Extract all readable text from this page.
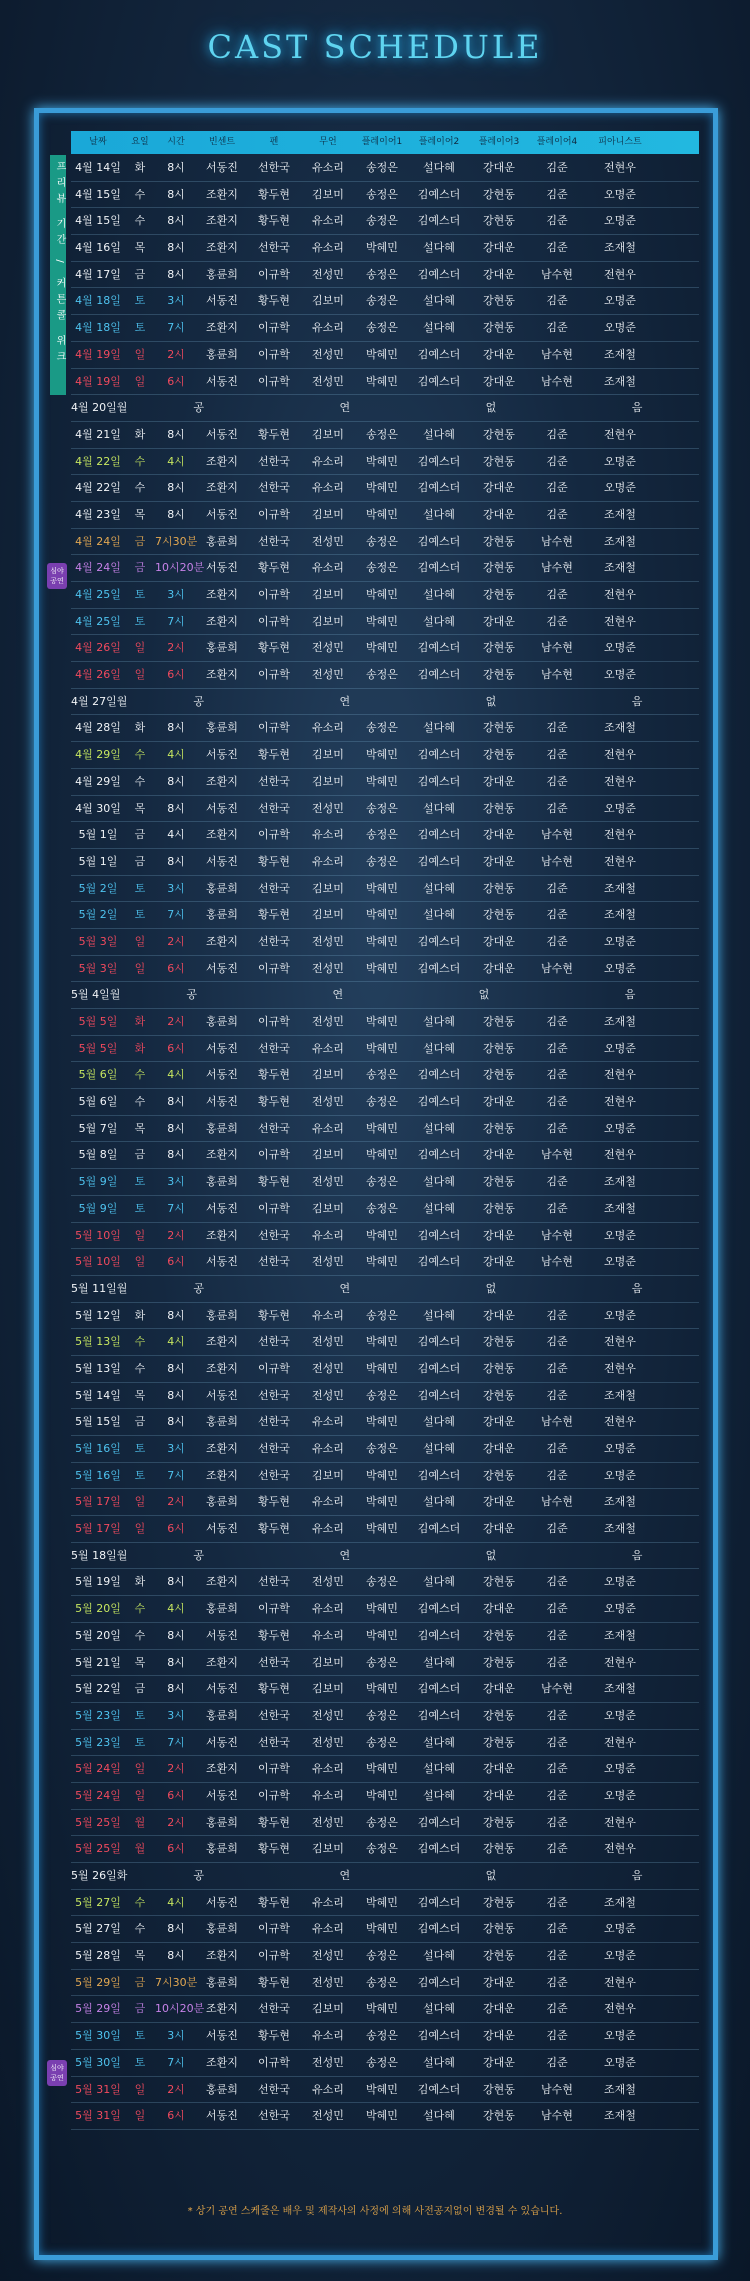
CAST SCHEDULE
날짜	요일	시간	빈센트	펜	무언	플레이어1	플레이어2	플레이어3	플레이어4	피아니스트
프리뷰 기간 / 커튼콜 위크
심야 공연
심야 공연
4월 14일	화	8시	서동진	선한국	유소리	송정은	설다혜	강대운	김준	전현우
4월 15일	수	8시	조환지	황두현	김보미	송정은	김예스더	강현동	김준	오명준
4월 15일	수	8시	조환지	황두현	유소리	송정은	김예스더	강현동	김준	오명준
4월 16일	목	8시	조환지	선한국	유소리	박혜민	설다혜	강대운	김준	조재철
4월 17일	금	8시	홍륜희	이규학	전성민	송정은	김예스더	강대운	남수현	전현우
4월 18일	토	3시	서동진	황두현	김보미	송정은	설다혜	강현동	김준	오명준
4월 18일	토	7시	조환지	이규학	유소리	송정은	설다혜	강현동	김준	오명준
4월 19일	일	2시	홍륜희	이규학	전성민	박혜민	김예스더	강대운	남수현	조재철
4월 19일	일	6시	서동진	이규학	전성민	박혜민	김예스더	강대운	남수현	조재철
4월 20일 월	공 연 없 음
4월 21일	화	8시	서동진	황두현	김보미	송정은	설다혜	강현동	김준	전현우
4월 22일	수	4시	조환지	선한국	유소리	박혜민	김예스더	강현동	김준	오명준
4월 22일	수	8시	조환지	선한국	유소리	박혜민	김예스더	강대운	김준	오명준
4월 23일	목	8시	서동진	이규학	김보미	박혜민	설다혜	강대운	김준	조재철
4월 24일	금 7시30분 홍륜희	선한국	전성민	송정은	김예스더	강현동	남수현	조재철
4월 24일	금 10시20분 서동진	황두현	유소리	송정은	김예스더	강현동	남수현	조재철
4월 25일	토	3시	조환지	이규학	김보미	박혜민	설다혜	강현동	김준	전현우
4월 25일	토	7시	조환지	이규학	김보미	박혜민	설다혜	강대운	김준	전현우
4월 26일	일	2시	홍륜희	황두현	전성민	박혜민	김예스더	강현동	남수현	오명준
4월 26일	일	6시	조환지	이규학	전성민	송정은	김예스더	강현동	남수현	오명준
4월 27일 월	공 연 없 음
4월 28일	화	8시	홍륜희	이규학	유소리	송정은	설다혜	강현동	김준	조재철
4월 29일	수	4시	서동진	황두현	김보미	박혜민	김예스더	강현동	김준	전현우
4월 29일	수	8시	조환지	선한국	김보미	박혜민	김예스더	강대운	김준	전현우
4월 30일	목	8시	서동진	선한국	전성민	송정은	설다혜	강현동	김준	오명준
5월 1일	금	4시	조환지	이규학	유소리	송정은	김예스더	강대운	남수현	전현우
5월 1일	금	8시	서동진	황두현	유소리	송정은	김예스더	강대운	남수현	전현우
5월 2일	토	3시	홍륜희	선한국	김보미	박혜민	설다혜	강현동	김준	조재철
5월 2일	토	7시	홍륜희	황두현	김보미	박혜민	설다혜	강현동	김준	조재철
5월 3일	일	2시	조환지	선한국	전성민	박혜민	김예스더	강대운	김준	오명준
5월 3일	일	6시	서동진	이규학	전성민	박혜민	김예스더	강대운	남수현	오명준
5월 4일 월	공 연 없 음
5월 5일	화	2시	홍륜희	이규학	전성민	박혜민	설다혜	강현동	김준	조재철
5월 5일	화	6시	서동진	선한국	유소리	박혜민	설다혜	강현동	김준	오명준
5월 6일	수	4시	서동진	황두현	김보미	송정은	김예스더	강현동	김준	전현우
5월 6일	수	8시	서동진	황두현	전성민	송정은	김예스더	강대운	김준	전현우
5월 7일	목	8시	홍륜희	선한국	유소리	박혜민	설다혜	강현동	김준	오명준
5월 8일	금	8시	조환지	이규학	김보미	박혜민	김예스더	강대운	남수현	전현우
5월 9일	토	3시	홍륜희	황두현	전성민	송정은	설다혜	강현동	김준	조재철
5월 9일	토	7시	서동진	이규학	김보미	송정은	설다혜	강현동	김준	조재철
5월 10일	일	2시	조환지	선한국	유소리	박혜민	김예스더	강대운	남수현	오명준
5월 10일	일	6시	서동진	선한국	전성민	박혜민	김예스더	강대운	남수현	오명준
5월 11일 월	공 연 없 음
5월 12일	화	8시	홍륜희	황두현	유소리	송정은	설다혜	강대운	김준	오명준
5월 13일	수	4시	조환지	선한국	전성민	박혜민	김예스더	강현동	김준	전현우
5월 13일	수	8시	조환지	이규학	전성민	박혜민	김예스더	강현동	김준	전현우
5월 14일	목	8시	서동진	선한국	전성민	송정은	김예스더	강현동	김준	조재철
5월 15일	금	8시	홍륜희	선한국	유소리	박혜민	설다혜	강대운	남수현	전현우
5월 16일	토	3시	조환지	선한국	유소리	송정은	설다혜	강대운	김준	오명준
5월 16일	토	7시	조환지	선한국	김보미	박혜민	김예스더	강현동	김준	오명준
5월 17일	일	2시	홍륜희	황두현	유소리	박혜민	설다혜	강대운	남수현	조재철
5월 17일	일	6시	서동진	황두현	유소리	박혜민	김예스더	강대운	김준	조재철
5월 18일 월	공 연 없 음
5월 19일	화	8시	조환지	선한국	전성민	송정은	설다혜	강현동	김준	오명준
5월 20일	수	4시	홍륜희	이규학	유소리	박혜민	김예스더	강대운	김준	오명준
5월 20일	수	8시	서동진	황두현	유소리	박혜민	김예스더	강현동	김준	조재철
5월 21일	목	8시	조환지	선한국	김보미	송정은	설다혜	강현동	김준	전현우
5월 22일	금	8시	서동진	황두현	김보미	박혜민	김예스더	강대운	남수현	조재철
5월 23일	토	3시	홍륜희	선한국	전성민	송정은	김예스더	강현동	김준	오명준
5월 23일	토	7시	서동진	선한국	전성민	송정은	설다혜	강현동	김준	전현우
5월 24일	일	2시	조환지	이규학	유소리	박혜민	설다혜	강대운	김준	오명준
5월 24일	일	6시	서동진	이규학	유소리	박혜민	설다혜	강대운	김준	오명준
5월 25일	월	2시	홍륜희	황두현	전성민	송정은	김예스더	강현동	김준	전현우
5월 25일	월	6시	홍륜희	황두현	김보미	송정은	김예스더	강현동	김준	전현우
5월 26일 화	공 연 없 음
5월 27일	수	4시	서동진	황두현	유소리	박혜민	김예스더	강현동	김준	조재철
5월 27일	수	8시	홍륜희	이규학	유소리	박혜민	김예스더	강현동	김준	오명준
5월 28일	목	8시	조환지	이규학	전성민	송정은	설다혜	강현동	김준	오명준
5월 29일	금 7시30분 홍륜희	황두현	전성민	송정은	김예스더	강대운	김준	전현우
5월 29일	금 10시20분 조환지	선한국	김보미	박혜민	설다혜	강대운	김준	전현우
5월 30일	토	3시	서동진	황두현	유소리	송정은	김예스더	강대운	김준	오명준
5월 30일	토	7시	조환지	이규학	전성민	송정은	설다혜	강대운	김준	오명준
5월 31일	일	2시	홍륜희	선한국	유소리	박혜민	김예스더	강현동	남수현	조재철
5월 31일	일	6시	서동진	선한국	전성민	박혜민	설다혜	강현동	남수현	조재철
* 상기 공연 스케줄은 배우 및 제작사의 사정에 의해 사전공지없이 변경될 수 있습니다.
